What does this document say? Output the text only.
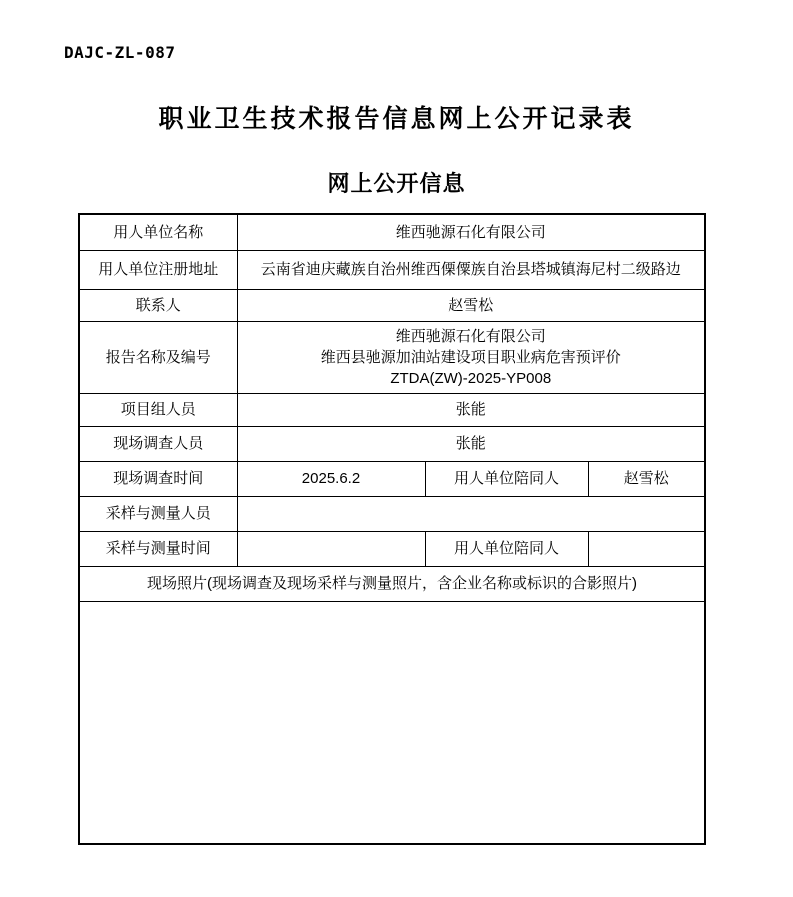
DAJC-ZL-087
职业卫生技术报告信息网上公开记录表
网上公开信息
用人单位名称	维西驰源石化有限公司		
用人单位注册地址	云南省迪庆藏族自治州维西傈僳族自治县塔城镇海尼村二级路边		
联系人	赵雪松		
报告名称及编号	维西驰源石化有限公司
维西县驰源加油站建设项目职业病危害预评价
ZTDA(ZW)-2025-YP008		

项目组人员	张能		
现场调查人员	张能		
现场调查时间	2025.6.2	用人单位陪同人	赵雪松
采样与测量人员			
采样与测量时间		用人单位陪同人	
现场照片(现场调查及现场采样与测量照片，含企业名称或标识的合影照片)			
